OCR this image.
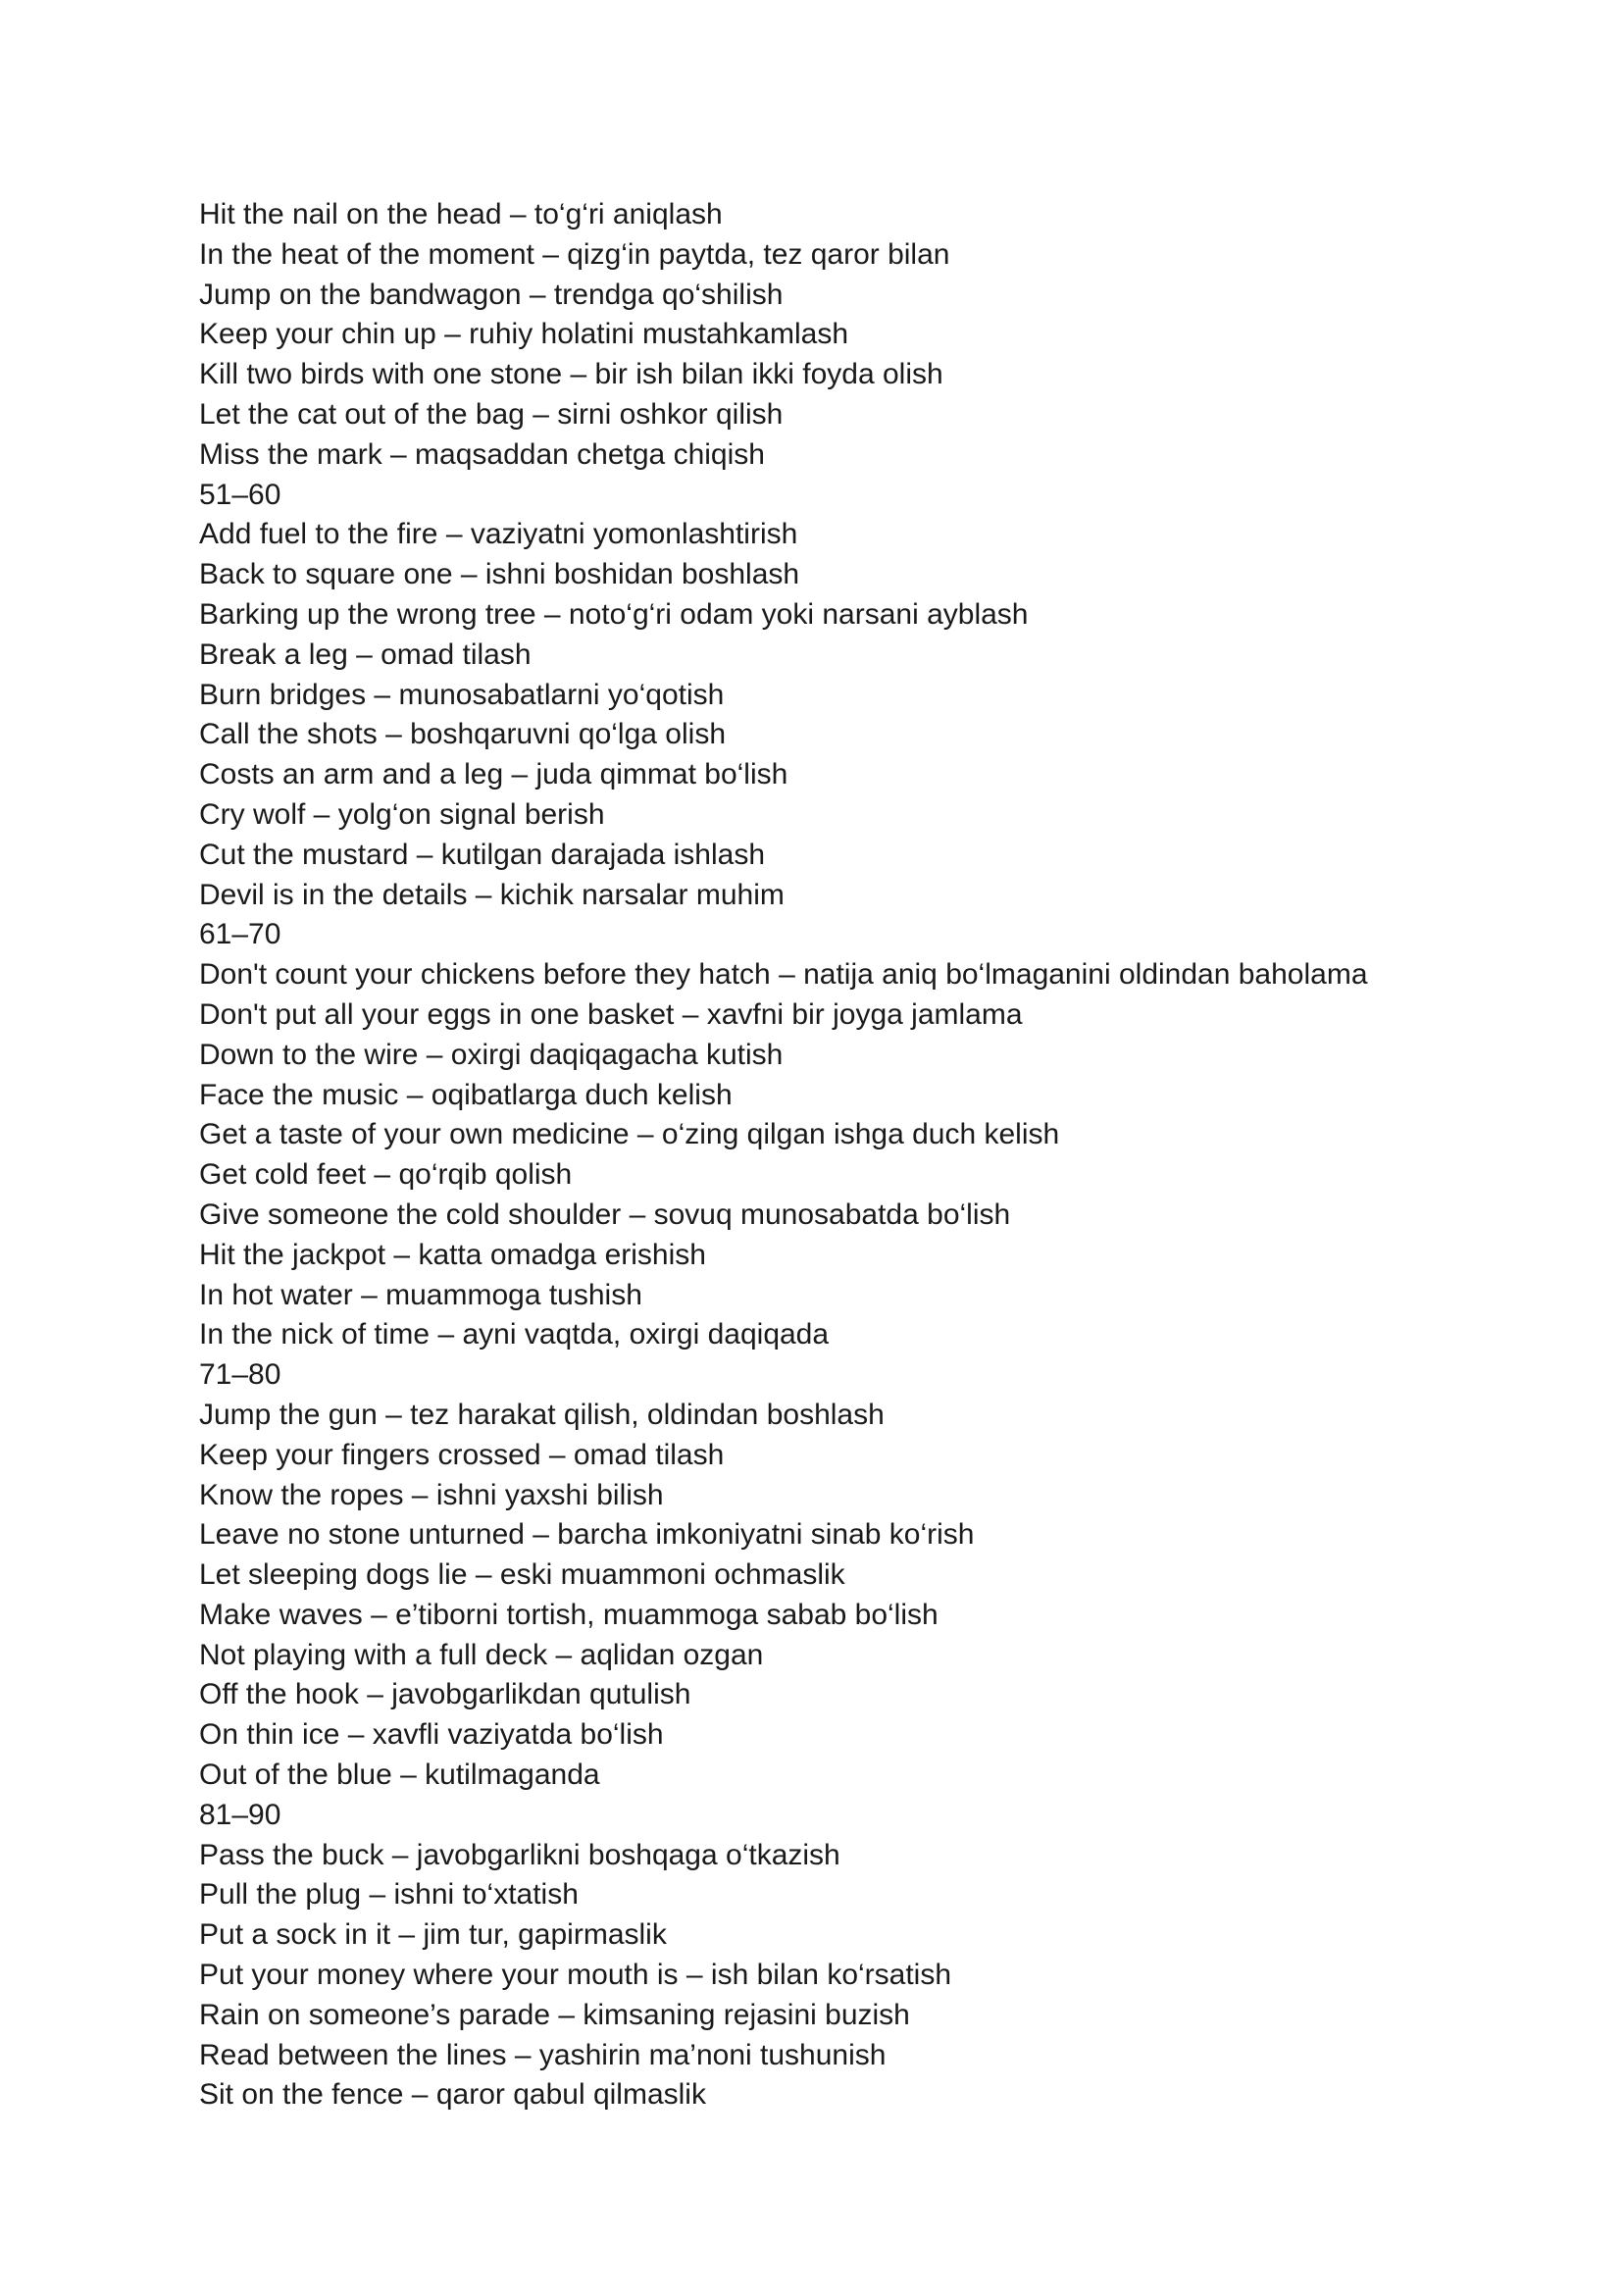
Hit the nail on the head – to‘g‘ri aniqlash
In the heat of the moment – qizg‘in paytda, tez qaror bilan
Jump on the bandwagon – trendga qo‘shilish
Keep your chin up – ruhiy holatini mustahkamlash
Kill two birds with one stone – bir ish bilan ikki foyda olish
Let the cat out of the bag – sirni oshkor qilish
Miss the mark – maqsaddan chetga chiqish
51–60
Add fuel to the fire – vaziyatni yomonlashtirish
Back to square one – ishni boshidan boshlash
Barking up the wrong tree – noto‘g‘ri odam yoki narsani ayblash
Break a leg – omad tilash
Burn bridges – munosabatlarni yo‘qotish
Call the shots – boshqaruvni qo‘lga olish
Costs an arm and a leg – juda qimmat bo‘lish
Cry wolf – yolg‘on signal berish
Cut the mustard – kutilgan darajada ishlash
Devil is in the details – kichik narsalar muhim
61–70
Don't count your chickens before they hatch – natija aniq bo‘lmaganini oldindan baholama
Don't put all your eggs in one basket – xavfni bir joyga jamlama
Down to the wire – oxirgi daqiqagacha kutish
Face the music – oqibatlarga duch kelish
Get a taste of your own medicine – o‘zing qilgan ishga duch kelish
Get cold feet – qo‘rqib qolish
Give someone the cold shoulder – sovuq munosabatda bo‘lish
Hit the jackpot – katta omadga erishish
In hot water – muammoga tushish
In the nick of time – ayni vaqtda, oxirgi daqiqada
71–80
Jump the gun – tez harakat qilish, oldindan boshlash
Keep your fingers crossed – omad tilash
Know the ropes – ishni yaxshi bilish
Leave no stone unturned – barcha imkoniyatni sinab ko‘rish
Let sleeping dogs lie – eski muammoni ochmaslik
Make waves – e’tiborni tortish, muammoga sabab bo‘lish
Not playing with a full deck – aqlidan ozgan
Off the hook – javobgarlikdan qutulish
On thin ice – xavfli vaziyatda bo‘lish
Out of the blue – kutilmaganda
81–90
Pass the buck – javobgarlikni boshqaga o‘tkazish
Pull the plug – ishni to‘xtatish
Put a sock in it – jim tur, gapirmaslik
Put your money where your mouth is – ish bilan ko‘rsatish
Rain on someone’s parade – kimsaning rejasini buzish
Read between the lines – yashirin ma’noni tushunish
Sit on the fence – qaror qabul qilmaslik
